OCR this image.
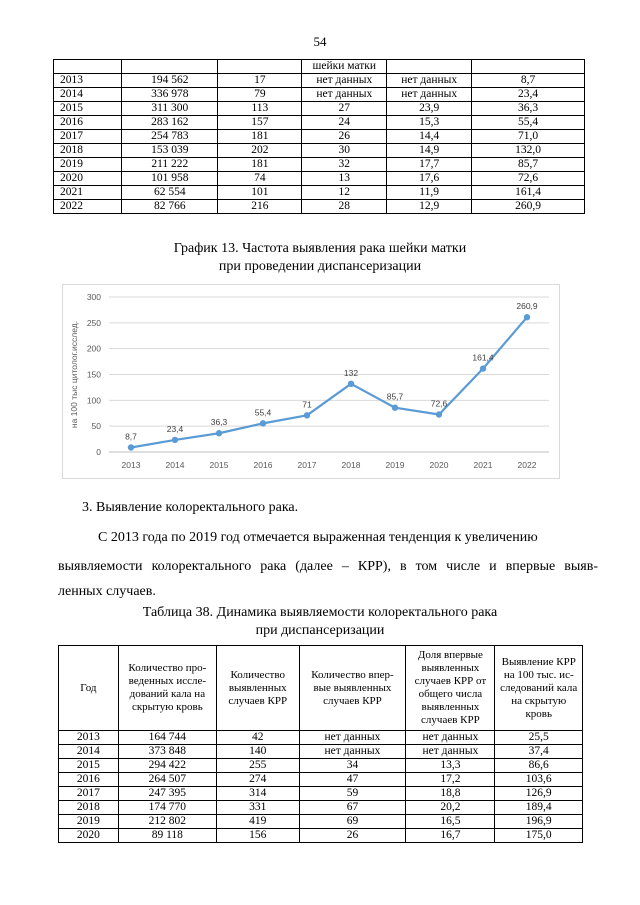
54
			шейки матки		
2013	194 562	17	нет данных	нет данных	8,7
2014	336 978	79	нет данных	нет данных	23,4
2015	311 300	113	27	23,9	36,3
2016	283 162	157	24	15,3	55,4
2017	254 783	181	26	14,4	71,0
2018	153 039	202	30	14,9	132,0
2019	211 222	181	32	17,7	85,7
2020	101 958	74	13	17,6	72,6
2021	62 554	101	12	11,9	161,4
2022	82 766	216	28	12,9	260,9
График 13. Частота выявления рака шейки матки
при проведении диспансеризации
0
50
100
150
200
250
300
на 100 тыс цитолог.исслед.
2013	2014	2015	2016	2017	2018	2019	2020	2021	2022
8,7
23,4
36,3
55,4
71
132
85,7
72,6
161,4
260,9
3. Выявление колоректального рака.
С 2013 года по 2019 год отмечается выраженная тенденция к увеличению
выявляемости колоректального рака (далее – КРР), в том числе и впервые выяв-
ленных случаев.
Таблица 38. Динамика выявляемости колоректального рака
при диспансеризации
Год	Количество про-веденных иссле-дований кала на скрытую кровь	Количество выявленных случаев КРР	Количество впер-вые выявленных случаев КРР	Доля впервые выявленных случаев КРР от общего числа выявленных случаев КРР	Выявление КРР на 100 тыс. ис-следований кала на скрытую кровь
2013	164 744	42	нет данных	нет данных	25,5
2014	373 848	140	нет данных	нет данных	37,4
2015	294 422	255	34	13,3	86,6
2016	264 507	274	47	17,2	103,6
2017	247 395	314	59	18,8	126,9
2018	174 770	331	67	20,2	189,4
2019	212 802	419	69	16,5	196,9
2020	89 118	156	26	16,7	175,0
